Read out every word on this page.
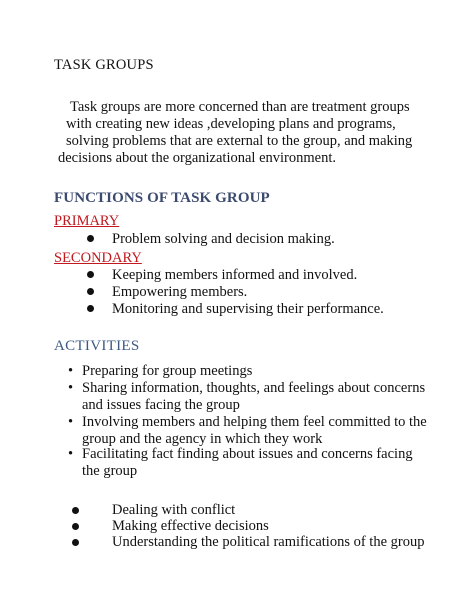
TASK GROUPS
Task groups are more concerned than are treatment groups
with creating new ideas ,developing plans and programs,
solving problems that are external to the group, and making
decisions about the organizational environment.
FUNCTIONS OF TASK GROUP
PRIMARY
Problem solving and decision making.
SECONDARY
Keeping members informed and involved.
Empowering members.
Monitoring and supervising their performance.
ACTIVITIES
• Preparing for group meetings
• Sharing information, thoughts, and feelings about concerns
and issues facing the group
• Involving members and helping them feel committed to the
group and the agency in which they work
• Facilitating fact finding about issues and concerns facing
the group
Dealing with conflict
Making effective decisions
Understanding the political ramifications of the group
